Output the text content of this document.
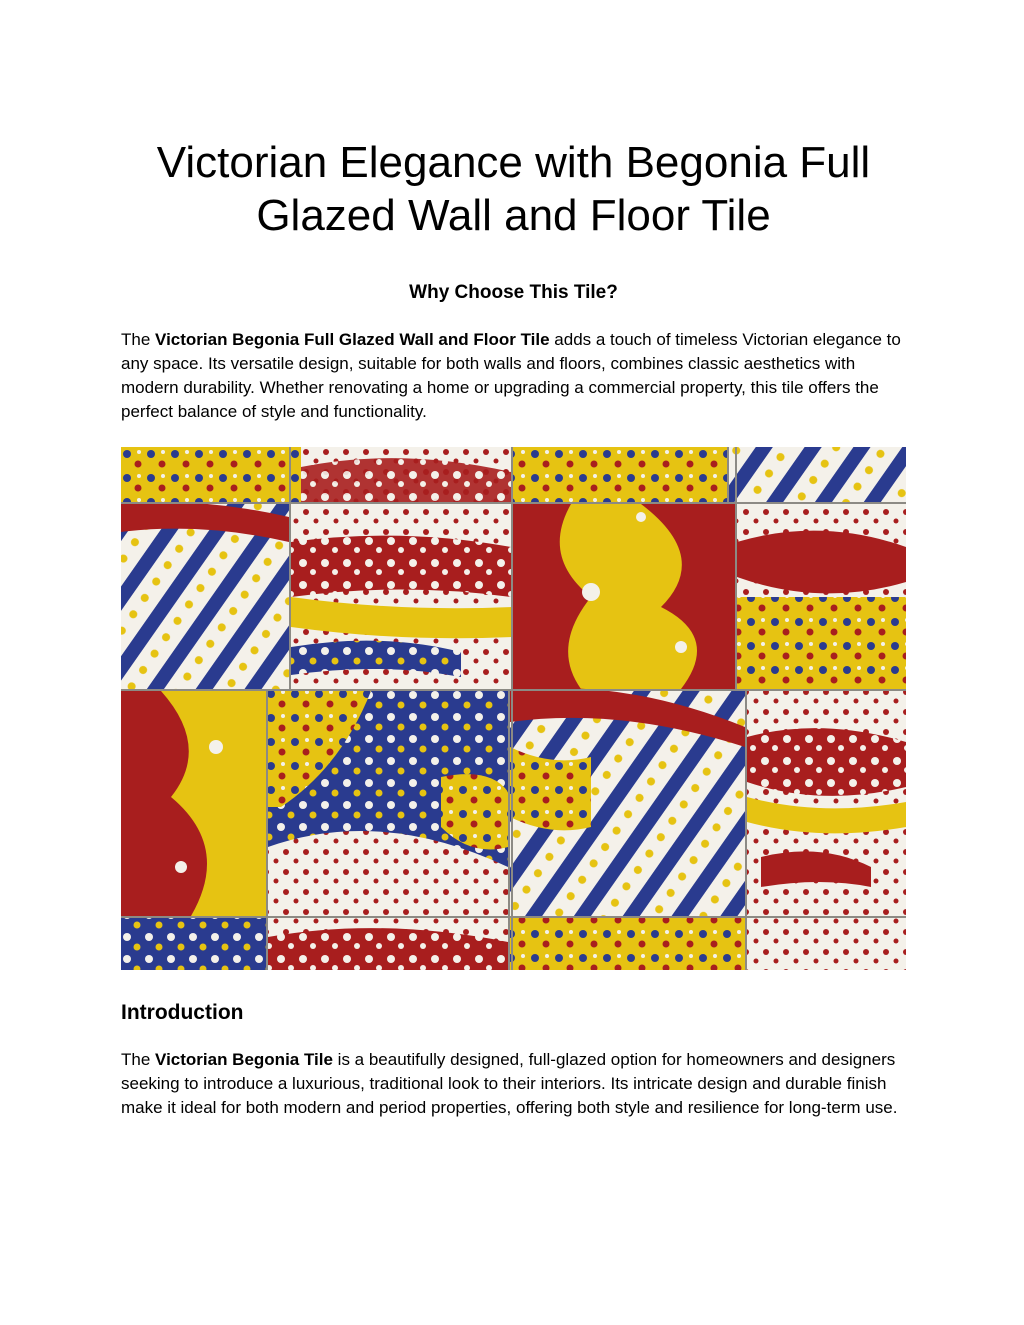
Victorian Elegance with Begonia Full Glazed Wall and Floor Tile
Why Choose This Tile?

The Victorian Begonia Full Glazed Wall and Floor Tile adds a touch of timeless Victorian elegance to any space. Its versatile design, suitable for both walls and floors, combines classic aesthetics with modern durability. Whether renovating a home or upgrading a commercial property, this tile offers the perfect balance of style and functionality.

Introduction

The Victorian Begonia Tile is a beautifully designed, full-glazed option for homeowners and designers seeking to introduce a luxurious, traditional look to their interiors. Its intricate design and durable finish make it ideal for both modern and period properties, offering both style and resilience for long-term use.
